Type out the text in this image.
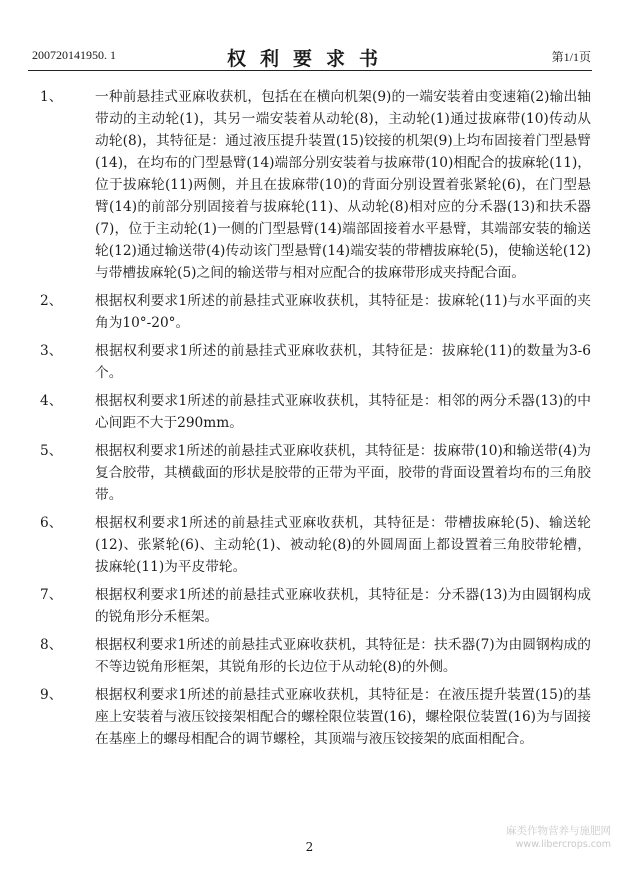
200720141950. 1	权利要求书	第1/1页
1、 一种前悬挂式亚麻收获机，包括在在横向机架(9)的一端安装着由变速箱(2)输出轴带动的主动轮(1)，其另一端安装着从动轮(8)，主动轮(1)通过拔麻带(10)传动从动轮(8)，其特征是：通过液压提升装置(15)铰接的机架(9)上均布固接着门型悬臂(14)，在均布的门型悬臂(14)端部分别安装着与拔麻带(10)相配合的拔麻轮(11)，位于拔麻轮(11)两侧，并且在拔麻带(10)的背面分别设置着张紧轮(6)，在门型悬臂(14)的前部分别固接着与拔麻轮(11)、从动轮(8)相对应的分禾器(13)和扶禾器(7)，位于主动轮(1)一侧的门型悬臂(14)端部固接着水平悬臂，其端部安装的输送轮(12)通过输送带(4)传动该门型悬臂(14)端安装的带槽拔麻轮(5)，使输送轮(12)与带槽拔麻轮(5)之间的输送带与相对应配合的拔麻带形成夹持配合面。
2、 根据权利要求1所述的前悬挂式亚麻收获机，其特征是：拔麻轮(11)与水平面的夹角为10°-20°。
3、 根据权利要求1所述的前悬挂式亚麻收获机，其特征是：拔麻轮(11)的数量为3-6个。
4、 根据权利要求1所述的前悬挂式亚麻收获机，其特征是：相邻的两分禾器(13)的中心间距不大于290mm。
5、 根据权利要求1所述的前悬挂式亚麻收获机，其特征是：拔麻带(10)和输送带(4)为复合胶带，其横截面的形状是胶带的正带为平面，胶带的背面设置着均布的三角胶带。
6、 根据权利要求1所述的前悬挂式亚麻收获机，其特征是：带槽拔麻轮(5)、输送轮(12)、张紧轮(6)、主动轮(1)、被动轮(8)的外圆周面上都设置着三角胶带轮槽，拔麻轮(11)为平皮带轮。
7、 根据权利要求1所述的前悬挂式亚麻收获机，其特征是：分禾器(13)为由圆钢构成的锐角形分禾框架。
8、 根据权利要求1所述的前悬挂式亚麻收获机，其特征是：扶禾器(7)为由圆钢构成的不等边锐角形框架，其锐角形的长边位于从动轮(8)的外侧。
9、 根据权利要求1所述的前悬挂式亚麻收获机，其特征是：在液压提升装置(15)的基座上安装着与液压铰接架相配合的螺栓限位装置(16)，螺栓限位装置(16)为与固接在基座上的螺母相配合的调节螺栓，其顶端与液压铰接架的底面相配合。
2
麻类作物营养与施肥网
www.libercrops.com
